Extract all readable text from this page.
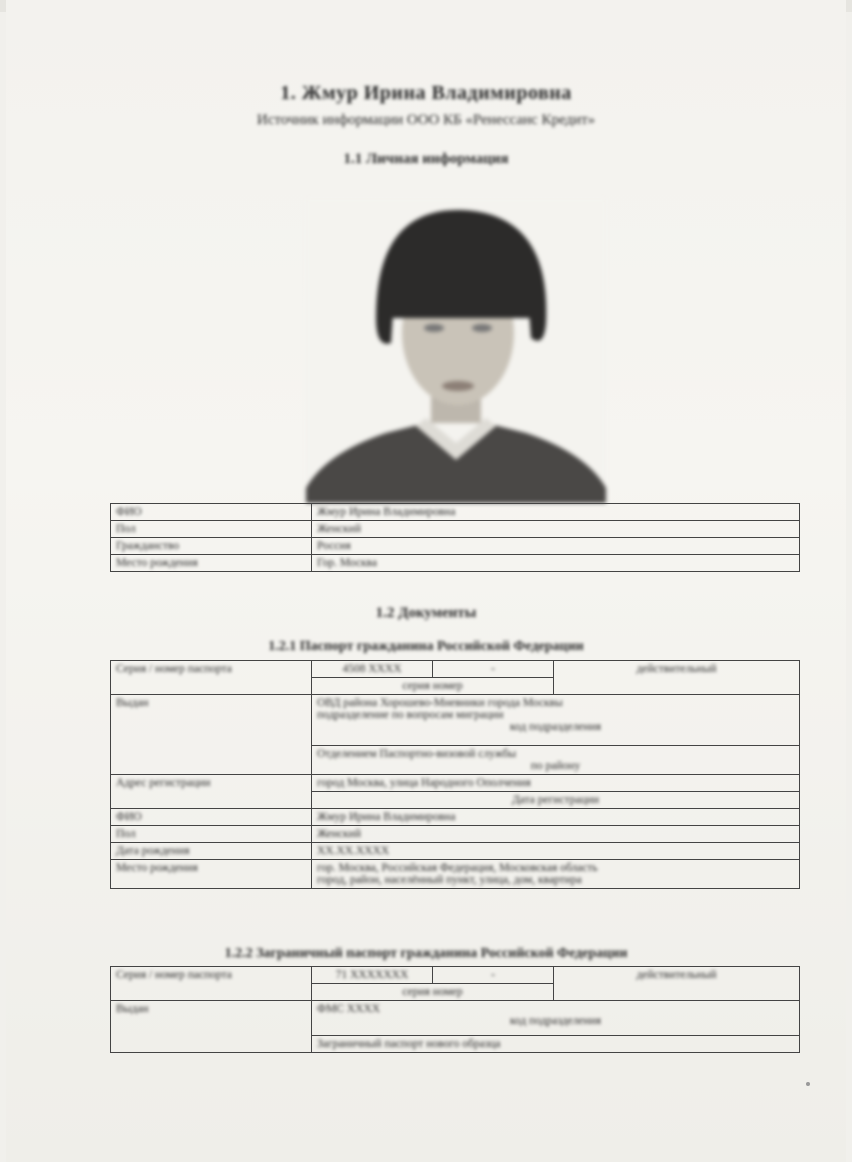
1. Жмур Ирина Владимировна
Источник информации ООО КБ «Ренессанс Кредит»
1.1 Личная информация
ФИО	Жмур Ирина Владимировна

Пол	Женский

Гражданство	Россия

Место рождения	Гор. Москва
1.2 Документы
1.2.1 Паспорт гражданина Российской Федерации
Серия / номер паспорта	4508 XXXX	-	действительный

	серия номер		

Выдан	ОВД района Хорошево-Мневники города Москвы
подразделение по вопросам миграции
код подразделения		

	Отделением Паспортно-визовой службы
по району		

Адрес регистрации	город Москва, улица Народного Ополчения		

	Дата регистрации		

ФИО	Жмур Ирина Владимировна		

Пол	Женский		

Дата рождения	XX.XX.XXXX		

Место рождения	гор. Москва, Российская Федерация, Московская область
город, район, населённый пункт, улица, дом, квартира		
1.2.2 Заграничный паспорт гражданина Российской Федерации
Серия / номер паспорта	71 XXXXXXX	-	действительный

	серия номер		

Выдан	ФМС XXXX
код подразделения		

	Заграничный паспорт нового образца		
